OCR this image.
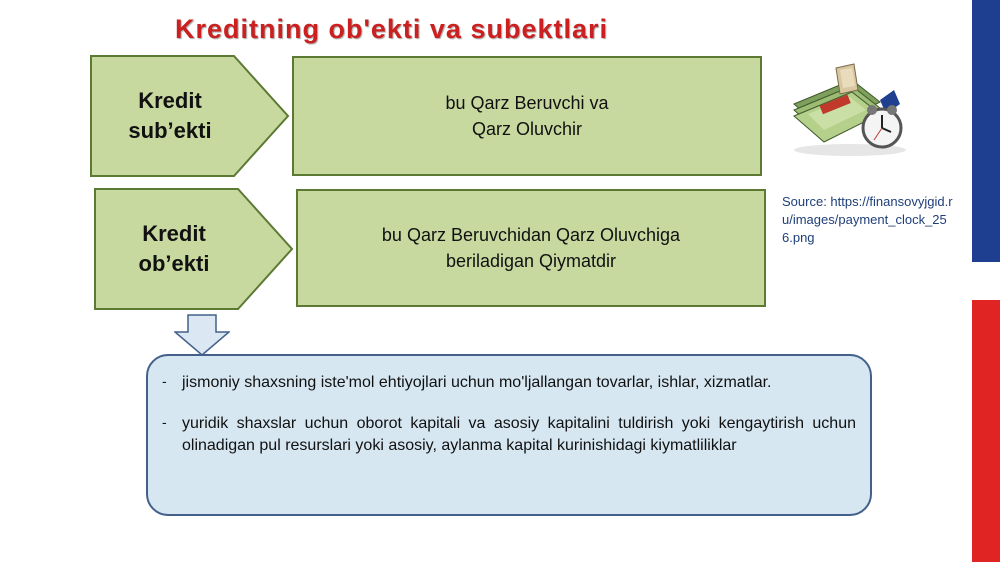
Kreditning ob'ekti va subektlari
Kredit
sub’ekti
bu Qarz Beruvchi va
Qarz Oluvchir
Kredit
ob’ekti
bu Qarz Beruvchidan Qarz Oluvchiga
beriladigan Qiymatdir
Source: https://finansovyjgid.ru/images/payment_clock_256.png
- jismoniy shaxsning iste'mol ehtiyojlari uchun mo'ljallangan tovarlar, ishlar, xizmatlar.
- yuridik shaxslar uchun oborot kapitali va asosiy kapitalini tuldirish yoki kengaytirish uchun olinadigan pul resurslari yoki asosiy, aylanma kapital kurinishidagi kiymatliliklar
